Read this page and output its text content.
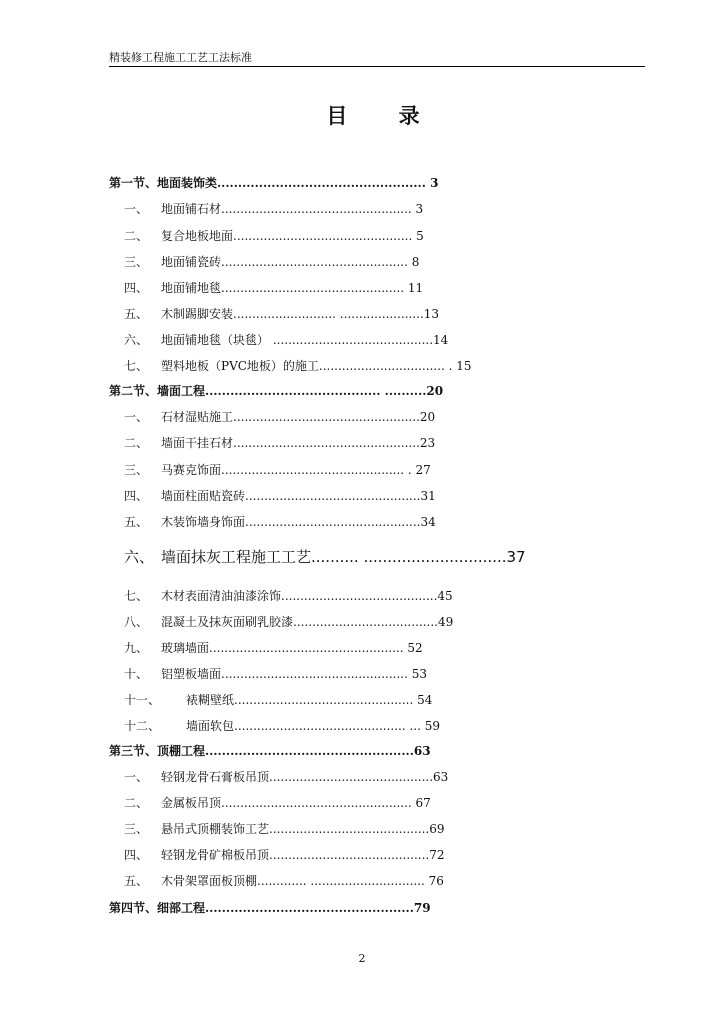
精装修工程施工工艺工法标准
目 录
第一节、地面装饰类.................................................. 3
一、 地面铺石材.................................................. 3
二、 复合地板地面............................................... 5
三、 地面铺瓷砖................................................. 8
四、 地面铺地毯................................................ 11
五、 木制踢脚安装........................... ......................13
六、 地面铺地毯（块毯） ..........................................14
七、 塑料地板（PVC地板）的施工................................. . 15
第二节、墙面工程.......................................... ..........20
一、 石材湿贴施工.................................................20
二、 墙面干挂石材.................................................23
三、 马赛克饰面................................................ . 27
四、 墙面柱面贴瓷砖..............................................31
五、 木装饰墙身饰面..............................................34
六、 墙面抹灰工程施工工艺.......... ..............................37
七、 木材表面清油油漆涂饰.........................................45
八、 混凝土及抹灰面刷乳胶漆......................................49
九、 玻璃墙面................................................... 52
十、 铝塑板墙面................................................. 53
十一、 裱糊壁纸............................................... 54
十二、 墙面软包............................................. ... 59
第三节、顶棚工程..................................................63
一、 轻钢龙骨石膏板吊顶...........................................63
二、 金属板吊顶.................................................. 67
三、 悬吊式顶棚装饰工艺..........................................69
四、 轻钢龙骨矿棉板吊顶..........................................72
五、 木骨架罩面板顶棚............. .............................. 76
第四节、细部工程..................................................79
2
